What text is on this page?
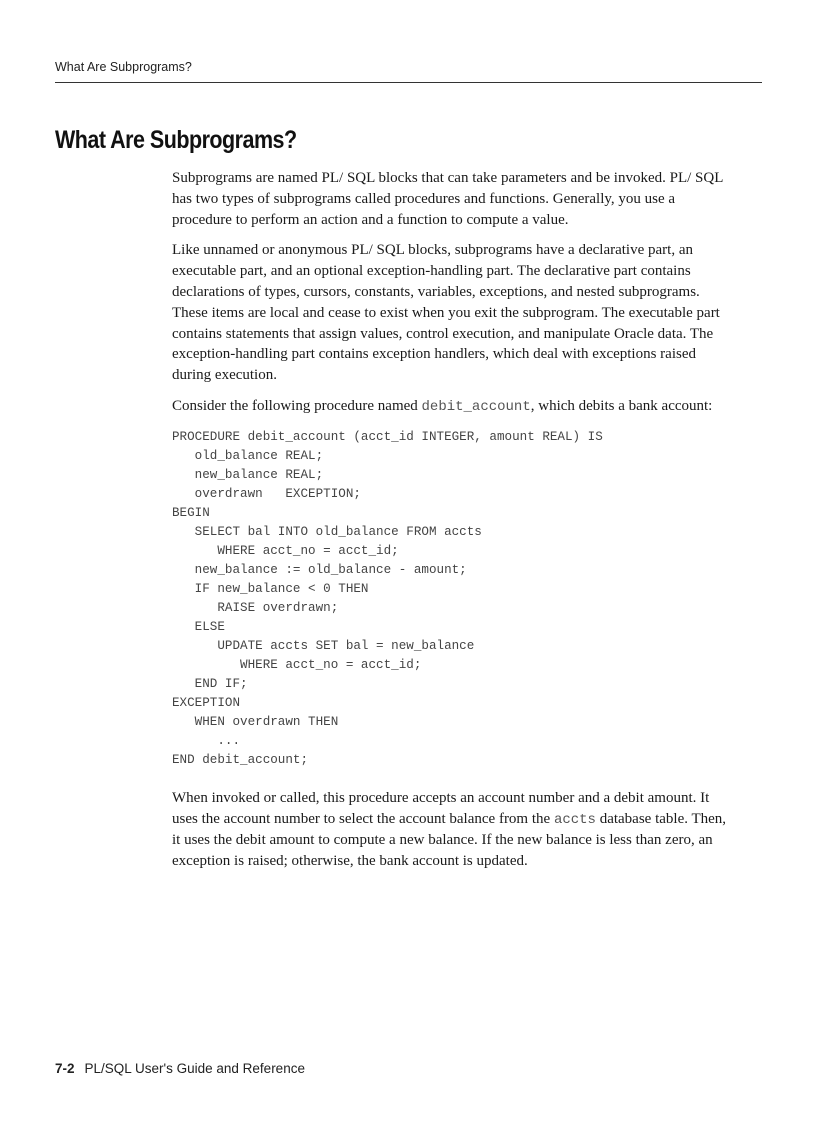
What Are Subprograms?
What Are Subprograms?

Subprograms are named PL/ SQL blocks that can take parameters and be invoked. PL/ SQL has two types of subprograms called procedures and functions. Generally, you use a procedure to perform an action and a function to compute a value.

Like unnamed or anonymous PL/ SQL blocks, subprograms have a declarative part, an executable part, and an optional exception-handling part. The declarative part contains declarations of types, cursors, constants, variables, exceptions, and nested subprograms. These items are local and cease to exist when you exit the subprogram. The executable part contains statements that assign values, control execution, and manipulate Oracle data. The exception-handling part contains exception handlers, which deal with exceptions raised during execution.

Consider the following procedure named debit_account, which debits a bank account:

PROCEDURE debit_account (acct_id INTEGER, amount REAL) IS
old_balance REAL;
new_balance REAL;
overdrawn   EXCEPTION;
BEGIN
SELECT bal INTO old_balance FROM accts
WHERE acct_no = acct_id;
new_balance := old_balance - amount;
IF new_balance < 0 THEN
RAISE overdrawn;
ELSE
UPDATE accts SET bal = new_balance
WHERE acct_no = acct_id;
END IF;
EXCEPTION
WHEN overdrawn THEN
...
END debit_account;

When invoked or called, this procedure accepts an account number and a debit amount. It uses the account number to select the account balance from the accts database table. Then, it uses the debit amount to compute a new balance. If the new balance is less than zero, an exception is raised; otherwise, the bank account is updated.

7-2 PL/SQL User's Guide and Reference
